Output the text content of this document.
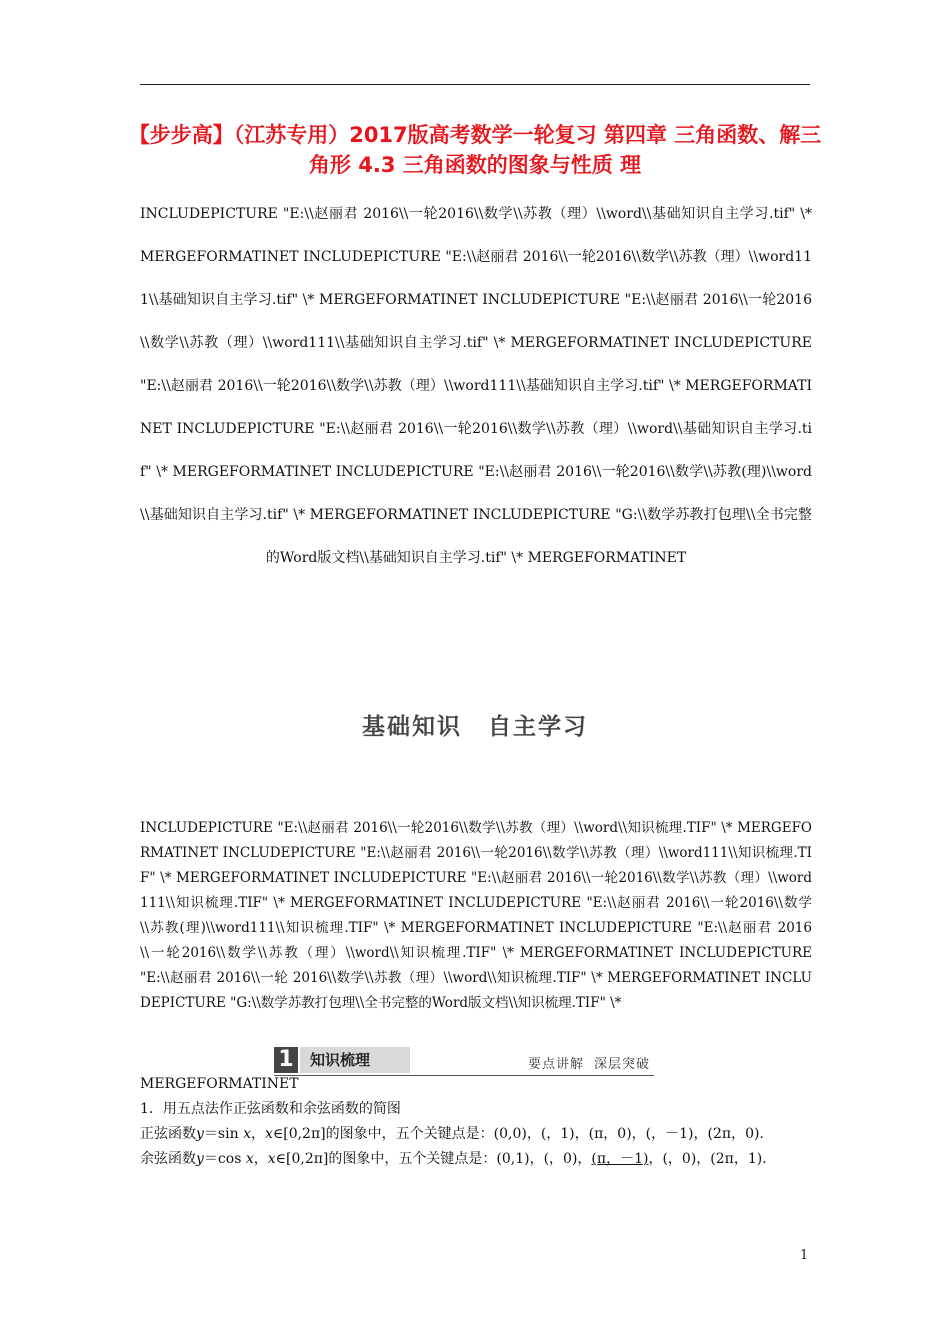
【步步高】（江苏专用）2017版高考数学一轮复习 第四章 三角函数、解三角形 4.3 三角函数的图象与性质 理
INCLUDEPICTURE "E:\\赵丽君 2016\\一轮2016\\数学\\苏教（理）\\word\\基础知识自主学习.tif" \* MERGEFORMATINET INCLUDEPICTURE "E:\\赵丽君 2016\\一轮2016\\数学\\苏教（理）\\word111\\基础知识自主学习.tif" \* MERGEFORMATINET INCLUDEPICTURE "E:\\赵丽君 2016\\一轮2016\\数学\\苏教（理）\\word111\\基础知识自主学习.tif" \* MERGEFORMATINET INCLUDEPICTURE "E:\\赵丽君 2016\\一轮2016\\数学\\苏教（理）\\word111\\基础知识自主学习.tif" \* MERGEFORMATINET INCLUDEPICTURE "E:\\赵丽君 2016\\一轮2016\\数学\\苏教（理）\\word\\基础知识自主学习.tif" \* MERGEFORMATINET INCLUDEPICTURE "E:\\赵丽君 2016\\一轮2016\\数学\\苏教(理)\\word\\基础知识自主学习.tif" \* MERGEFORMATINET INCLUDEPICTURE "G:\\数学苏教打包理\\全书完整的Word版文档\\基础知识自主学习.tif" \* MERGEFORMATINET
基础知识 自主学习
INCLUDEPICTURE "E:\\赵丽君 2016\\一轮2016\\数学\\苏教（理）\\word\\知识梳理.TIF" \* MERGEFORMATINET INCLUDEPICTURE "E:\\赵丽君 2016\\一轮2016\\数学\\苏教（理）\\word111\\知识梳理.TIF" \* MERGEFORMATINET INCLUDEPICTURE "E:\\赵丽君 2016\\一轮2016\\数学\\苏教（理）\\word111\\知识梳理.TIF" \* MERGEFORMATINET INCLUDEPICTURE "E:\\赵丽君 2016\\一轮2016\\数学\\苏教(理)\\word111\\知识梳理.TIF" \* MERGEFORMATINET INCLUDEPICTURE "E:\\赵丽君 2016\\一轮2016\\数学\\苏教（理）\\word\\知识梳理.TIF" \* MERGEFORMATINET INCLUDEPICTURE "E:\\赵丽君 2016\\一轮 2016\\数学\\苏教（理）\\word\\知识梳理.TIF" \* MERGEFORMATINET INCLUDEPICTURE "G:\\数学苏教打包理\\全书完整的Word版文档\\知识梳理.TIF" \*
1	知识梳理	要点讲解 深层突破

MERGEFORMATINET

1．用五点法作正弦函数和余弦函数的简图

正弦函数y＝sin x，x∈[0,2π]的图象中，五个关键点是：(0,0)，(，1)，(π，0)，(，－1)，(2π，0)．

余弦函数y＝cos x，x∈[0,2π]的图象中，五个关键点是：(0,1)，(，0)，(π，－1)，(，0)，(2π，1)．

1
